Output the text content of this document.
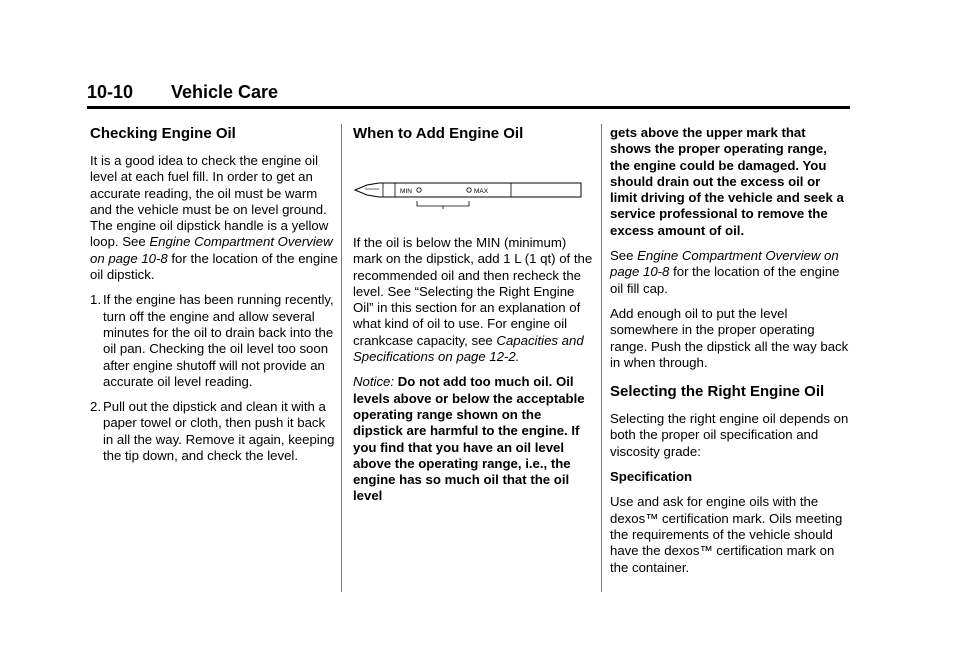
10-10 Vehicle Care
Checking Engine Oil

It is a good idea to check the engine oil level at each fuel fill. In order to get an accurate reading, the oil must be warm and the vehicle must be on level ground. The engine oil dipstick handle is a yellow loop. See Engine Compartment Overview on page 10‑8 for the location of the engine oil dipstick.

1. If the engine has been running recently, turn off the engine and allow several minutes for the oil to drain back into the oil pan. Checking the oil level too soon after engine shutoff will not provide an accurate oil level reading.
2. Pull out the dipstick and clean it with a paper towel or cloth, then push it back in all the way. Remove it again, keeping the tip down, and check the level.
When to Add Engine Oil
MIN	MAX

If the oil is below the MIN (minimum) mark on the dipstick, add 1 L (1 qt) of the recommended oil and then recheck the level. See “Selecting the Right Engine Oil” in this section for an explanation of what kind of oil to use. For engine oil crankcase capacity, see Capacities and Specifications on page 12‑2.

Notice: Do not add too much oil. Oil levels above or below the acceptable operating range shown on the dipstick are harmful to the engine. If you find that you have an oil level above the operating range, i.e., the engine has so much oil that the oil level

gets above the upper mark that shows the proper operating range, the engine could be damaged. You should drain out the excess oil or limit driving of the vehicle and seek a service professional to remove the excess amount of oil.

See Engine Compartment Overview on page 10‑8 for the location of the engine oil fill cap.

Add enough oil to put the level somewhere in the proper operating range. Push the dipstick all the way back in when through.

Selecting the Right Engine Oil

Selecting the right engine oil depends on both the proper oil specification and viscosity grade:

Specification

Use and ask for engine oils with the dexos™ certification mark. Oils meeting the requirements of the vehicle should have the dexos™ certification mark on the container.
